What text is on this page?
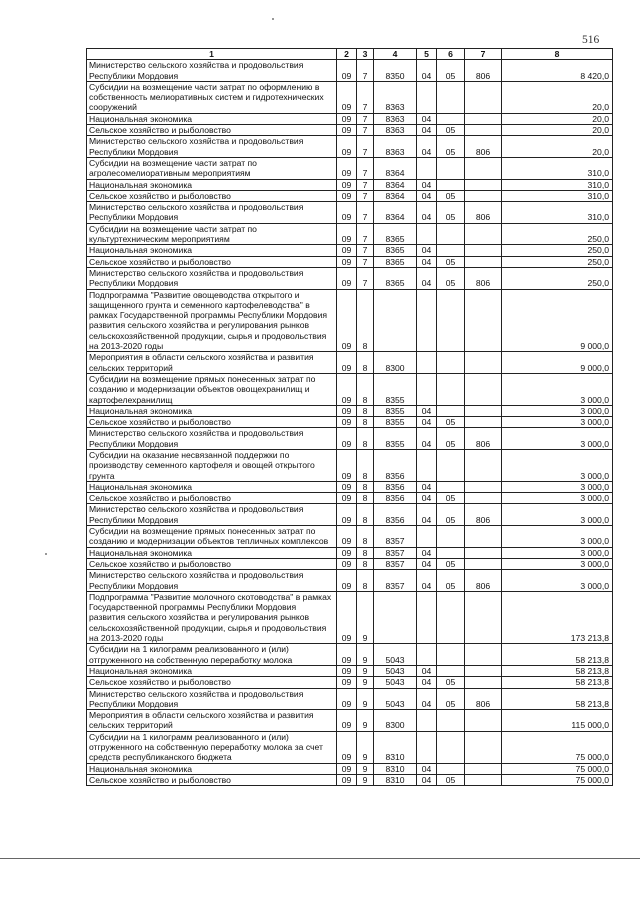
516
1	2	3	4	5	6	7	8
Министерство сельского хозяйства и продовольствия Республики Мордовия	09	7	8350	04	05	806	8 420,0
Субсидии на возмещение части затрат по оформлению в собственность мелиоративных систем и гидротехнических сооружений	09	7	8363				20,0
Национальная экономика	09	7	8363	04			20,0
Сельское хозяйство и рыболовство	09	7	8363	04	05		20,0
Министерство сельского хозяйства и продовольствия Республики Мордовия	09	7	8363	04	05	806	20,0
Субсидии на возмещение части затрат по агролесомелиоративным мероприятиям	09	7	8364				310,0
Национальная экономика	09	7	8364	04			310,0
Сельское хозяйство и рыболовство	09	7	8364	04	05		310,0
Министерство сельского хозяйства и продовольствия Республики Мордовия	09	7	8364	04	05	806	310,0
Субсидии на возмещение части затрат по культуртехническим мероприятиям	09	7	8365				250,0
Национальная экономика	09	7	8365	04			250,0
Сельское хозяйство и рыболовство	09	7	8365	04	05		250,0
Министерство сельского хозяйства и продовольствия Республики Мордовия	09	7	8365	04	05	806	250,0
Подпрограмма "Развитие овощеводства открытого и защищенного грунта и семенного картофелеводства" в рамках Государственной программы Республики Мордовия развития сельского хозяйства и регулирования рынков сельскохозяйственной продукции, сырья и продовольствия на 2013-2020 годы	09	8					9 000,0
Мероприятия в области сельского хозяйства и развития сельских территорий	09	8	8300				9 000,0
Субсидии на возмещение прямых понесенных затрат по созданию и модернизации объектов овощехранилищ и картофелехранилищ	09	8	8355				3 000,0
Национальная экономика	09	8	8355	04			3 000,0
Сельское хозяйство и рыболовство	09	8	8355	04	05		3 000,0
Министерство сельского хозяйства и продовольствия Республики Мордовия	09	8	8355	04	05	806	3 000,0
Субсидии на оказание несвязанной поддержки по производству семенного картофеля и овощей открытого грунта	09	8	8356				3 000,0
Национальная экономика	09	8	8356	04			3 000,0
Сельское хозяйство и рыболовство	09	8	8356	04	05		3 000,0
Министерство сельского хозяйства и продовольствия Республики Мордовия	09	8	8356	04	05	806	3 000,0
Субсидии на возмещение прямых понесенных затрат по созданию и модернизации объектов тепличных комплексов	09	8	8357				3 000,0
Национальная экономика	09	8	8357	04			3 000,0
Сельское хозяйство и рыболовство	09	8	8357	04	05		3 000,0
Министерство сельского хозяйства и продовольствия Республики Мордовия	09	8	8357	04	05	806	3 000,0
Подпрограмма "Развитие молочного скотоводства" в рамках Государственной программы Республики Мордовия развития сельского хозяйства и регулирования рынков сельскохозяйственной продукции, сырья и продовольствия на 2013-2020 годы	09	9					173 213,8
Субсидии на 1 килограмм реализованного и (или) отгруженного на собственную переработку молока	09	9	5043				58 213,8
Национальная экономика	09	9	5043	04			58 213,8
Сельское хозяйство и рыболовство	09	9	5043	04	05		58 213,8
Министерство сельского хозяйства и продовольствия Республики Мордовия	09	9	5043	04	05	806	58 213,8
Мероприятия в области сельского хозяйства и развития сельских территорий	09	9	8300				115 000,0
Субсидии на 1 килограмм реализованного и (или) отгруженного на собственную переработку молока за счет средств республиканского бюджета	09	9	8310				75 000,0
Национальная экономика	09	9	8310	04			75 000,0
Сельское хозяйство и рыболовство	09	9	8310	04	05		75 000,0
